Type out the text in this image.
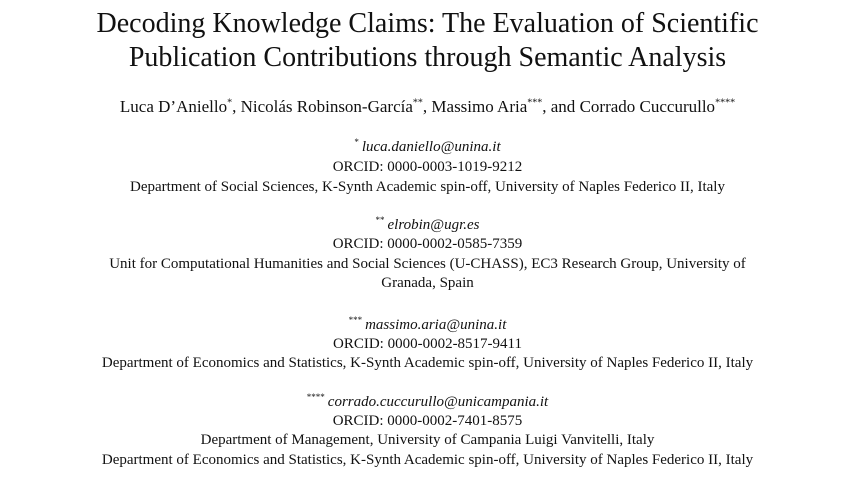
Decoding Knowledge Claims: The Evaluation of Scientific
Publication Contributions through Semantic Analysis
Luca D’Aniello*, Nicolás Robinson-García**, Massimo Aria***, and Corrado Cuccurullo****
* luca.daniello@unina.it
ORCID: 0000-0003-1019-9212
Department of Social Sciences, K-Synth Academic spin-off, University of Naples Federico II, Italy
** elrobin@ugr.es
ORCID: 0000-0002-0585-7359
Unit for Computational Humanities and Social Sciences (U-CHASS), EC3 Research Group, University of
Granada, Spain
*** massimo.aria@unina.it
ORCID: 0000-0002-8517-9411
Department of Economics and Statistics, K-Synth Academic spin-off, University of Naples Federico II, Italy
**** corrado.cuccurullo@unicampania.it
ORCID: 0000-0002-7401-8575
Department of Management, University of Campania Luigi Vanvitelli, Italy
Department of Economics and Statistics, K-Synth Academic spin-off, University of Naples Federico II, Italy
